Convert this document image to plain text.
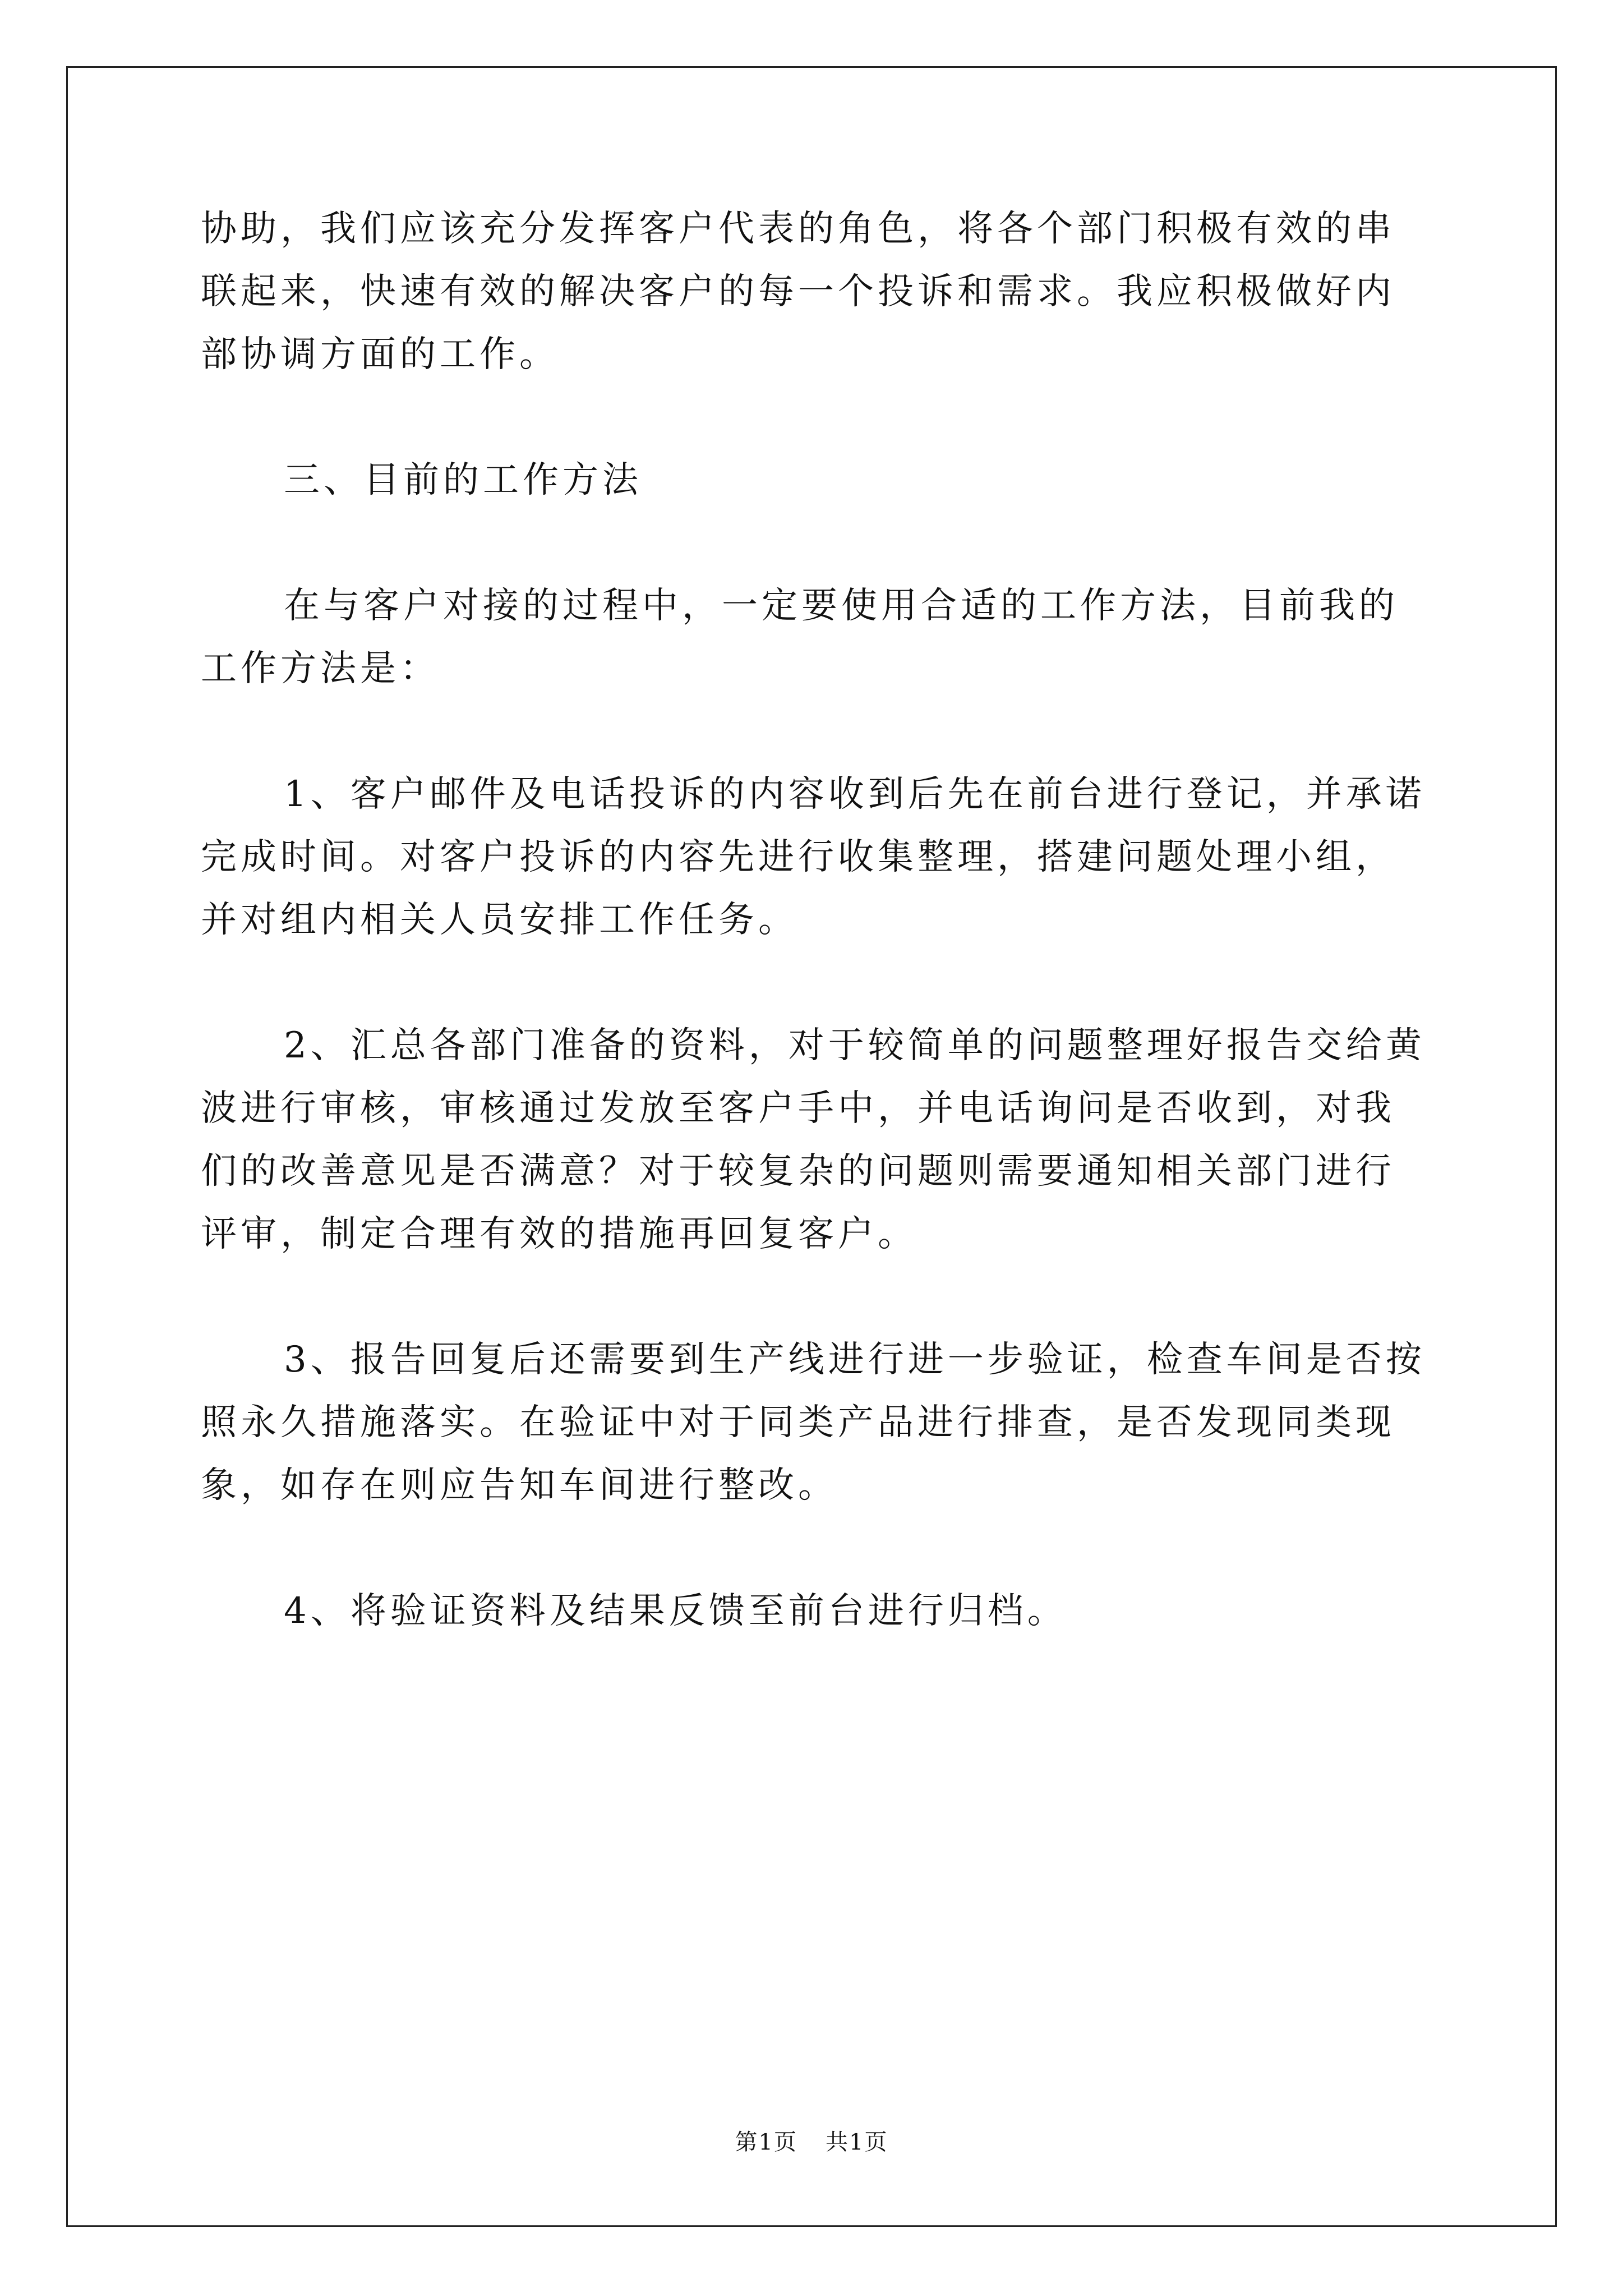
协助，我们应该充分发挥客户代表的角色，将各个部门积极有效的串
联起来，快速有效的解决客户的每一个投诉和需求。我应积极做好内
部协调方面的工作。
三、目前的工作方法
在与客户对接的过程中，一定要使用合适的工作方法，目前我的
工作方法是：
1、客户邮件及电话投诉的内容收到后先在前台进行登记，并承诺
完成时间。对客户投诉的内容先进行收集整理，搭建问题处理小组，
并对组内相关人员安排工作任务。
2、汇总各部门准备的资料，对于较简单的问题整理好报告交给黄
波进行审核，审核通过发放至客户手中，并电话询问是否收到，对我
们的改善意见是否满意？对于较复杂的问题则需要通知相关部门进行
评审，制定合理有效的措施再回复客户。
3、报告回复后还需要到生产线进行进一步验证，检查车间是否按
照永久措施落实。在验证中对于同类产品进行排查，是否发现同类现
象，如存在则应告知车间进行整改。
4、将验证资料及结果反馈至前台进行归档。
第1页 共1页
